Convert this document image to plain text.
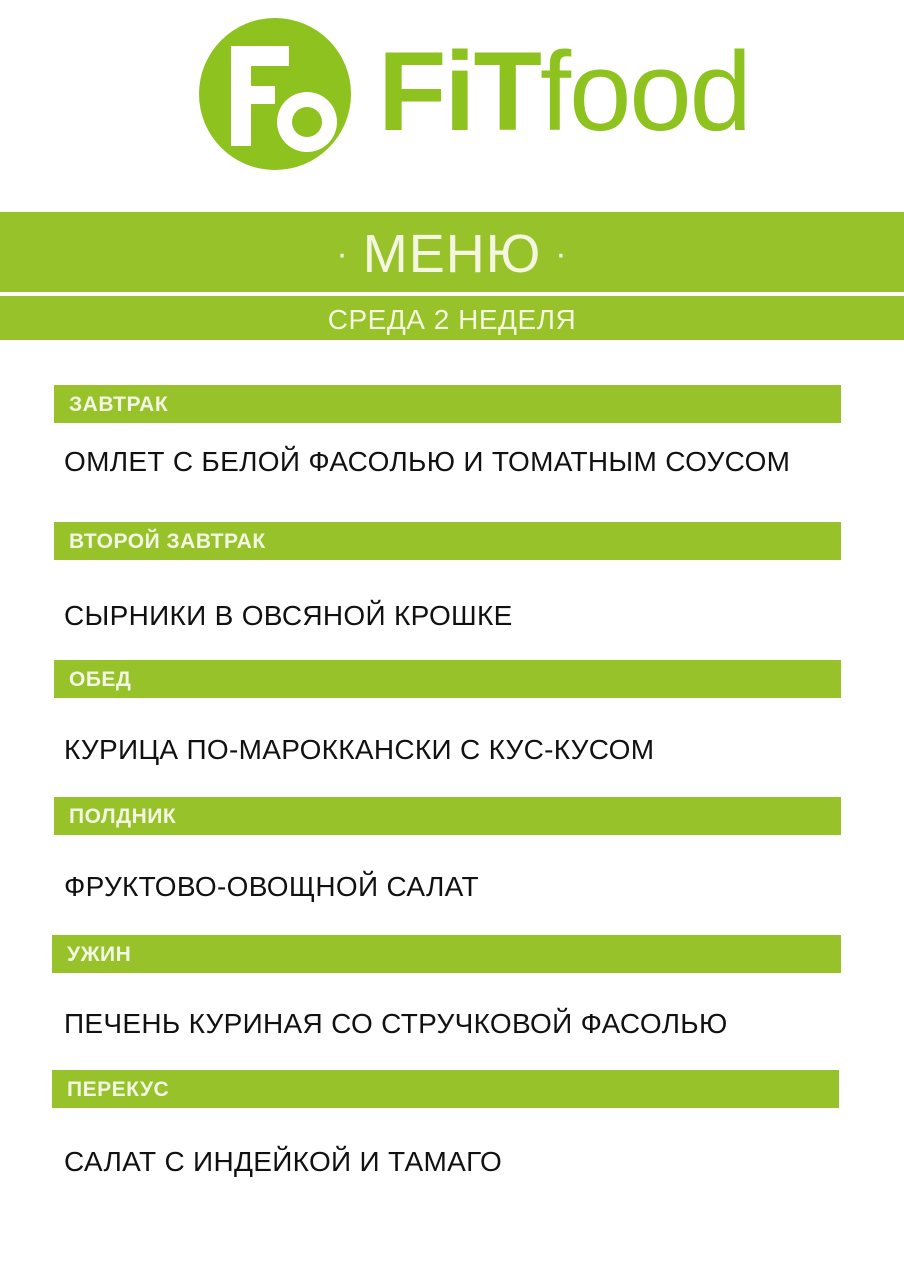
FiTfood
· МЕНЮ ·
СРЕДА 2 НЕДЕЛЯ
ЗАВТРАК
ОМЛЕТ С БЕЛОЙ ФАСОЛЬЮ И ТОМАТНЫМ СОУСОМ
ВТОРОЙ ЗАВТРАК
СЫРНИКИ В ОВСЯНОЙ КРОШКЕ
ОБЕД
КУРИЦА ПО-МАРОККАНСКИ С КУС-КУСОМ
ПОЛДНИК
ФРУКТОВО-ОВОЩНОЙ САЛАТ
УЖИН
ПЕЧЕНЬ КУРИНАЯ СО СТРУЧКОВОЙ ФАСОЛЬЮ
ПЕРЕКУС
САЛАТ С ИНДЕЙКОЙ И ТАМАГО
